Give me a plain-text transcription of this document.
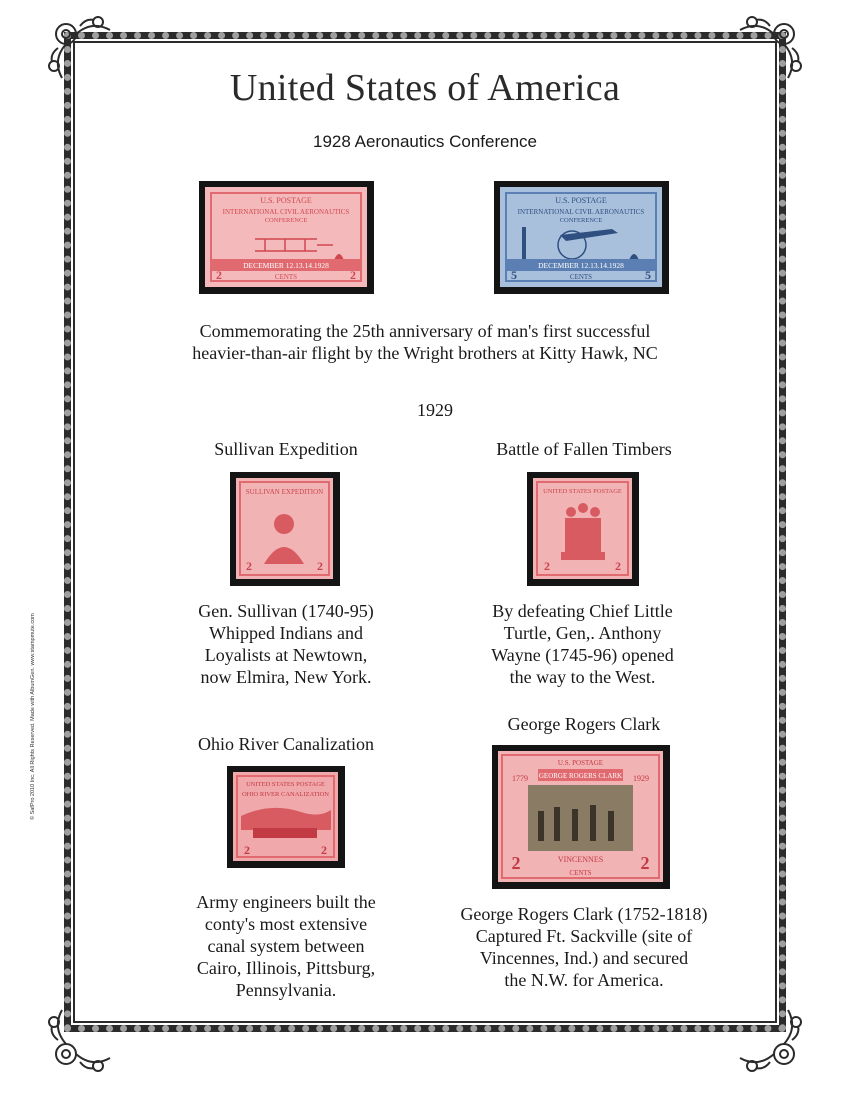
© SafPro 2010 Inc. All Rights Reserved. Made with AlbumGen. www.stampmute.com
United States of America
1928 Aeronautics Conference
U.S. POSTAGE
INTERNATIONAL CIVIL AERONAUTICS
CONFERENCE
DECEMBER 12.13.14.1928
2	2
CENTS
U.S. POSTAGE
INTERNATIONAL CIVIL AERONAUTICS
CONFERENCE
DECEMBER 12.13.14.1928
5	5
CENTS
Commemorating the 25th anniversary of man's first successful
heavier-than-air flight by the Wright brothers at Kitty Hawk, NC
1929
Sullivan Expedition
SULLIVAN EXPEDITION
2	2
Gen. Sullivan (1740-95)
Whipped Indians and
Loyalists at Newtown,
now Elmira, New York.
Battle of Fallen Timbers
UNITED STATES POSTAGE
2	2
By defeating Chief Little
Turtle, Gen,. Anthony
Wayne (1745-96) opened
the way to the West.
Ohio River Canalization
UNITED STATES POSTAGE
OHIO RIVER CANALIZATION
2	2
Army engineers built the
conty's most extensive
canal system between
Cairo, Illinois, Pittsburg,
Pennsylvania.
George Rogers Clark
U.S. POSTAGE
1779	1929
GEORGE ROGERS CLARK
VINCENNES
CENTS
2	2
George Rogers Clark (1752-1818)
Captured Ft. Sackville (site of
Vincennes, Ind.) and secured
the N.W. for America.
